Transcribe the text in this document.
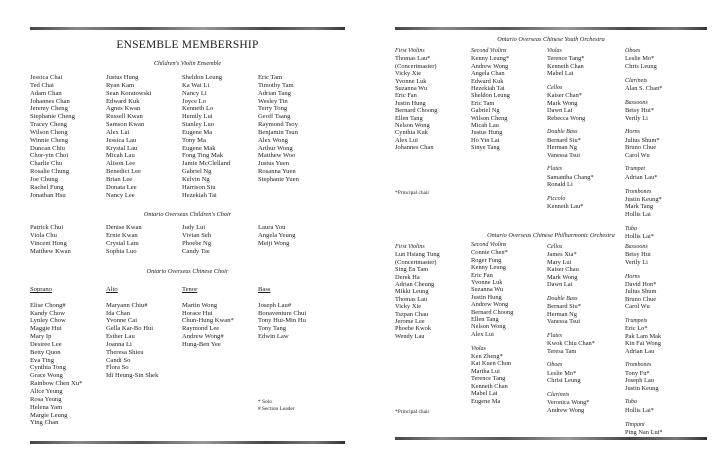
ENSEMBLE MEMBERSHIP
Children's Violin Ensemble
Jessica Chai
Ted Chai
Adam Chan
Johannes Chan
Jeremy Cheng
Stephanie Cheng
Tracey Cheng
Wilson Cheng
Winnie Cheng
Duncan Chiu
Chor-yin Choi
Charlie Chu
Rosalie Chung
Joe Chung
Rachel Fung
Jonathan Hsu
Justus Hung
Ryan Kam
Sean Koratowski
Edward Kuk
Agnes Kwan
Russell Kwan
Samson Kwan
Alex Lai
Jessica Lau
Krystal Lau
Micah Lau
Alison Lee
Benedict Lee
Brian Lee
Donata Lee
Nancy Lee
Sheldon Leung
Ka Wai Li
Nancy Li
Joyce Lo
Kenneth Lo
Hemily Lui
Stanley Luo
Eugene Ma
Tony Ma
Eugene Mak
Fong Ting Mak
Jamie McClelland
Gabriel Ng
Kelvin Ng
Harrison Siu
Hezekiah Tai
Eric Tam
Timothy Tam
Adrian Tang
Wesley Tin
Terry Tong
Geoff Tsang
Raymond Tsoy
Benjamin Tsun
Alex Wong
Arthur Wong
Matthew Woo
Justus Yuen
Rosanna Yuen
Stephanie Yuen
Ontario Overseas Children's Choir
Patrick Chui
Viola Chu
Vincent Hong
Matthew Kwan
Denise Kwan
Ernie Kwan
Crystal Lam
Sophia Luo
Judy Lui
Vivian Seh
Phoebe Ng
Candy Tse
Laura You
Angela Yeung
Meiji Wong
Ontario Overseas Chinese Choir
Soprano
Elise Chong#
Kandy Chow
Lynley Chow
Maggie Hui
Mary Ip
Desiree Lee
Betty Quon
Eva Ting
Cynthia Tong
Grace Wong
Rainbow Chen Xu*
Alice Yeung
Rosa Yeung
Helena Yam
Margie Leung
Ying Chan
Alto
Maryann Chiu#
Ida Chan
Yvonne Cai
Gella Kar-Bo Hui
Esther Lau
Joanna Li
Theresa Shieu
Candi So
Flora So
Idi Heung-Sin Shek
Tenor
Martin Wong
Horace Hui
Chun-Hung Kwan*
Raymond Lee
Andrew Wong#
Hung-Ben Yee
Bass
Joseph Lau#
Bonaventure Chui
Tony Hui-Min Hu
Tony Tang
Edwin Law
* Solo
# Section Leader
Ontario Overseas Chinese Youth Orchestra
First Violins
Thomas Lau*
(Concertmaster)
Vicky Xie
Yvonne Luk
Suzanna Wu
Eric Fan
Justin Hung
Bernard Choong
Ellen Tang
Nelson Wong
Cynthia Kuk
Alex Lui
Johannes Chan
Second Violins
Kenny Leung*
Andrew Wong
Angela Chan
Edward Kuk
Hezekiah Tai
Sheldon Leung
Eric Tam
Gabriel Ng
Wilson Cheng
Micah Lau
Justus Hung
Ho Yin Lai
Sinye Tang
Violas
Terence Tang*
Kenneth Chan
Mabel Lai
Cellos
Kaiser Chan*
Mark Wong
Dawn Lai
Rebecca Wong
Double Bass
Bernard Siu*
Herman Ng
Vanessa Tsui
Flutes
Samantha Chang*
Ronald Li
Piccolo
Kenneth Lau*
Oboes
Leslie Mo*
Chris Leung
Clarinets
Alan S. Chan*
Bassoons
Betsy Hui*
Verily Li
Horns
Julius Shum*
Bruno Chue
Carol Wu
Trumpet
Adrian Lau*
Trombones
Justin Keung*
Mark Tang
Hollis Lai
Tuba
Hollis Lai*
*Principal chair
Ontario Overseas Chinese Philharmonic Orchestra
First Violins
Lun Hsiang Tung
(Concertmaster)
Sing En Tam
Derek Ha
Adrian Cheung
Mikki Leung
Thomas Lau
Vicky Xie
Tszpan Chau
Jerome Lee
Phoebe Kwok
Wendy Lau
Second Violins
Connie Chen*
Roger Fung
Kenny Leung
Eric Fan
Yvonne Luk
Suzanna Wu
Justin Hung
Andrew Wong
Bernard Choong
Ellen Tang
Nelson Wong
Alex Lui
Violas
Ken Zheng*
Kai Kuen Chun
Martha Lui
Terence Tang
Kenneth Chan
Mabel Lai
Eugene Ma
Cellos
James Xia*
Mary Lui
Kaiser Chau
Mark Wong
Dawn Lai
Double Bass
Bernard Siu*
Herman Ng
Vanessa Tsui
Flutes
Kwok Chiu Chan*
Teresa Tam
Oboes
Leslie Mo*
Christ Leung
Clarinets
Veronica Wong*
Andrew Wong
Bassoons
Betsy Hui
Verily Li
Horns
David Hon*
Julius Shum
Bruno Chue
Carol Wu
Trumpets
Eric Lo*
Pak Lam Mak
Kin Fai Wong
Adrian Lau
Trombones
Tony Fu*
Joseph Lau
Justin Keung
Tuba
Hollis Lai*
Timpani
Ping Nan Lui*
*Principal chair
